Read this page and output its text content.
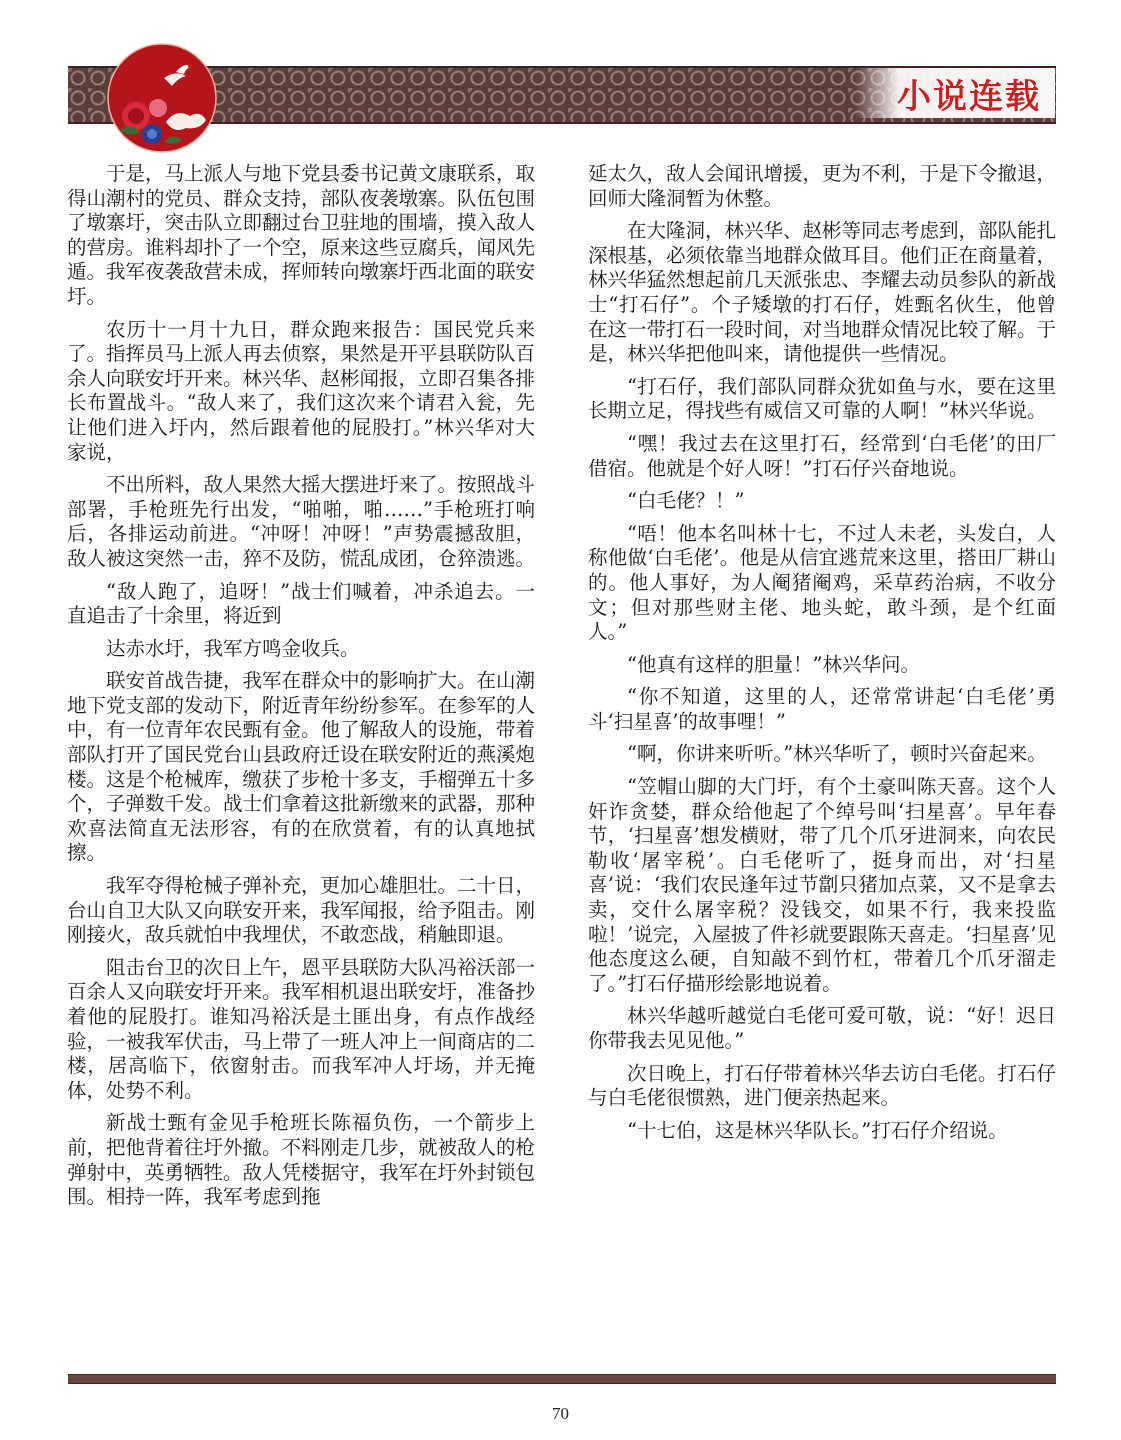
小说连载

于是，马上派人与地下党县委书记黄文康联系，取得山潮村的党员、群众支持，部队夜袭墩寨。队伍包围了墩寨圩，突击队立即翻过台卫驻地的围墙，摸入敌人的营房。谁料却扑了一个空，原来这些豆腐兵，闻风先遁。我军夜袭敌营未成，挥师转向墩寨圩西北面的联安圩。

农历十一月十九日，群众跑来报告：国民党兵来了。指挥员马上派人再去侦察，果然是开平县联防队百余人向联安圩开来。林兴华、赵彬闻报，立即召集各排长布置战斗。“敌人来了，我们这次来个请君入瓮，先让他们进入圩内，然后跟着他的屁股打。”林兴华对大家说，

不出所料，敌人果然大摇大摆进圩来了。按照战斗部署，手枪班先行出发，“啪啪，啪……”手枪班打响后，各排运动前进。“冲呀！冲呀！”声势震撼敌胆，敌人被这突然一击，猝不及防，慌乱成团，仓猝溃逃。

“敌人跑了，追呀！”战士们喊着，冲杀追去。一直追击了十余里，将近到

达赤水圩，我军方鸣金收兵。

联安首战告捷，我军在群众中的影响扩大。在山潮地下党支部的发动下，附近青年纷纷参军。在参军的人中，有一位青年农民甄有金。他了解敌人的设施，带着部队打开了国民党台山县政府迁设在联安附近的燕溪炮楼。这是个枪械库，缴获了步枪十多支，手榴弹五十多个，子弹数千发。战士们拿着这批新缴来的武器，那种欢喜法简直无法形容，有的在欣赏着，有的认真地拭擦。

我军夺得枪械子弹补充，更加心雄胆壮。二十日，台山自卫大队又向联安开来，我军闻报，给予阻击。刚刚接火，敌兵就怕中我埋伏，不敢恋战，稍触即退。

阻击台卫的次日上午，恩平县联防大队冯裕沃部一百余人又向联安圩开来。我军相机退出联安圩，准备抄着他的屁股打。谁知冯裕沃是土匪出身，有点作战经验，一被我军伏击，马上带了一班人冲上一间商店的二楼，居高临下，依窗射击。而我军冲人圩场，并无掩体，处势不利。

新战士甄有金见手枪班长陈福负伤，一个箭步上前，把他背着往圩外撤。不料刚走几步，就被敌人的枪弹射中，英勇牺牲。敌人凭楼据守，我军在圩外封锁包围。相持一阵，我军考虑到拖

延太久，敌人会闻讯增援，更为不利，于是下令撤退，回师大隆洞暂为休整。

在大隆洞，林兴华、赵彬等同志考虑到，部队能扎深根基，必须依靠当地群众做耳目。他们正在商量着，林兴华猛然想起前几天派张忠、李耀去动员参队的新战士“打石仔”。个子矮墩的打石仔，姓甄名伙生，他曾在这一带打石一段时间，对当地群众情况比较了解。于是，林兴华把他叫来，请他提供一些情况。

“打石仔，我们部队同群众犹如鱼与水，要在这里长期立足，得找些有威信又可靠的人啊！”林兴华说。

“嘿！我过去在这里打石，经常到‘白毛佬’的田厂借宿。他就是个好人呀！”打石仔兴奋地说。

“白毛佬？！”

“唔！他本名叫林十七，不过人未老，头发白，人称他做‘白毛佬’。他是从信宜逃荒来这里，搭田厂耕山的。他人事好，为人阉猪阉鸡，采草药治病，不收分文；但对那些财主佬、地头蛇，敢斗颈，是个红面人。”

“他真有这样的胆量！”林兴华问。

“你不知道，这里的人，还常常讲起‘白毛佬’勇斗‘扫星喜’的故事哩！”

“啊，你讲来听听。”林兴华听了，顿时兴奋起来。

“笠帽山脚的大门圩，有个土豪叫陈天喜。这个人奸诈贪婪，群众给他起了个绰号叫‘扫星喜’。早年春节，‘扫星喜’想发横财，带了几个爪牙进洞来，向农民勒收‘屠宰税’。白毛佬听了，挺身而出，对‘扫星喜’说：‘我们农民逢年过节劏只猪加点菜，又不是拿去卖，交什么屠宰税？没钱交，如果不行，我来投监啦！’说完，入屋披了件衫就要跟陈天喜走。‘扫星喜’见他态度这么硬，自知敲不到竹杠，带着几个爪牙溜走了。”打石仔描形绘影地说着。

林兴华越听越觉白毛佬可爱可敬，说：“好！迟日你带我去见见他。”

次日晚上，打石仔带着林兴华去访白毛佬。打石仔与白毛佬很惯熟，进门便亲热起来。

“十七伯，这是林兴华队长。”打石仔介绍说。

70
